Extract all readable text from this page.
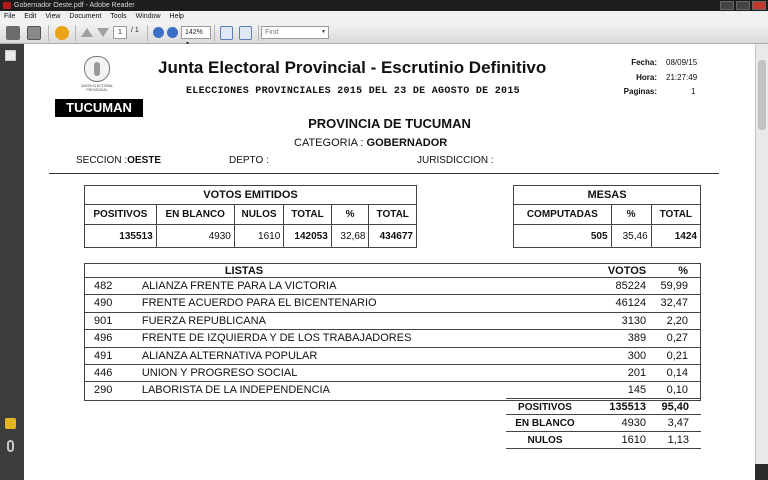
Gobernador Oeste.pdf - Adobe Reader
File Edit View Document Tools Window Help
1	/ 1	142%	Find	▼
JUNTA ELECTORAL PROVINCIAL
TUCUMAN
Junta Electoral Provincial - Escrutinio Definitivo
ELECCIONES PROVINCIALES 2015 DEL 23 DE AGOSTO DE 2015
Fecha: 08/09/15
Hora: 21:27:49
Paginas:	1
PROVINCIA DE TUCUMAN
CATEGORIA : GOBERNADOR
SECCION :OESTE	DEPTO :	JURISDICCION :
VOTOS EMITIDOS					
POSITIVOS	EN BLANCO	NULOS	TOTAL	%	TOTAL
135513	4930	1610	142053	32,68	434677
MESAS		
COMPUTADAS	%	TOTAL
505	35,46	1424
LISTAS	VOTOS	%
482	ALIANZA FRENTE PARA LA VICTORIA	85224	59,99
490	FRENTE ACUERDO PARA EL BICENTENARIO	46124	32,47
901	FUERZA REPUBLICANA	3130	2,20
496	FRENTE DE IZQUIERDA Y DE LOS TRABAJADORES	389	0,27
491	ALIANZA ALTERNATIVA POPULAR	300	0,21
446	UNION Y PROGRESO SOCIAL	201	0,14
290	LABORISTA DE LA INDEPENDENCIA	145	0,10
POSITIVOS	135513	95,40
EN BLANCO	4930	3,47
NULOS	1610	1,13
